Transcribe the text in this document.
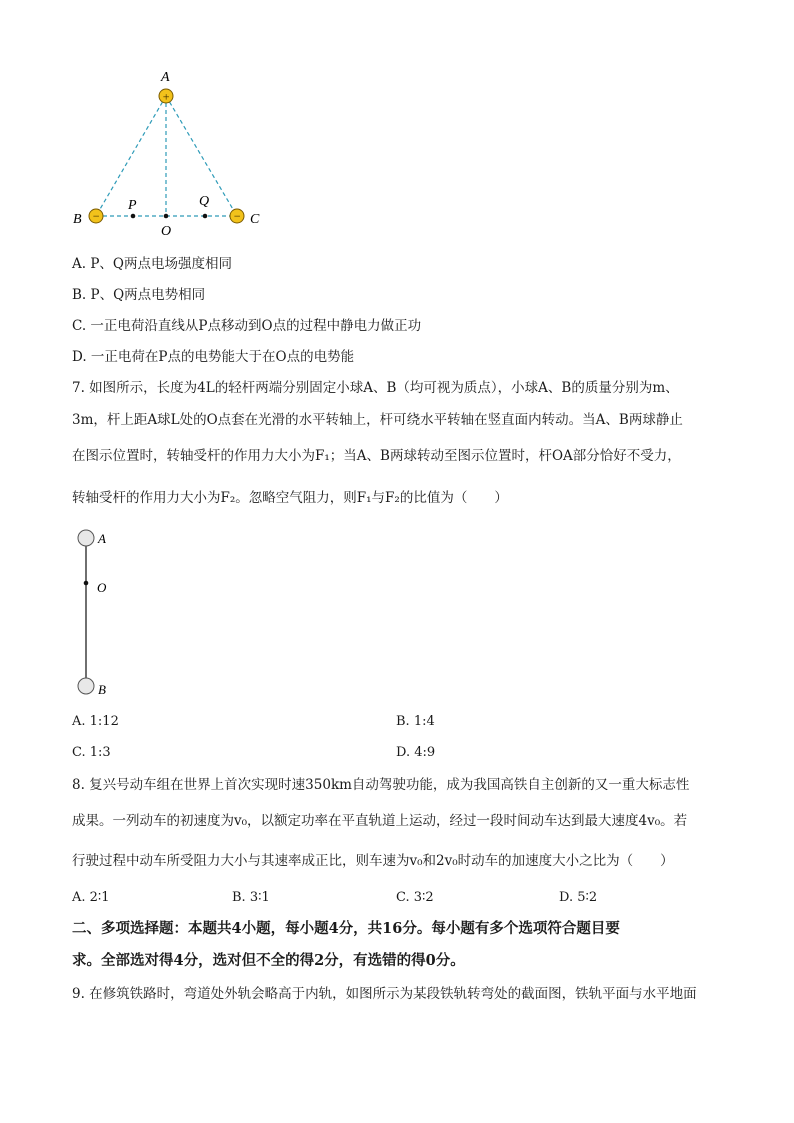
+
−	−
A
B	C
P	Q
O
A. P、Q两点电场强度相同
B. P、Q两点电势相同
C. 一正电荷沿直线从P点移动到O点的过程中静电力做正功
D. 一正电荷在P点的电势能大于在O点的电势能
7. 如图所示，长度为4L的轻杆两端分别固定小球A、B（均可视为质点），小球A、B的质量分别为m、
3m，杆上距A球L处的O点套在光滑的水平转轴上，杆可绕水平转轴在竖直面内转动。当A、B两球静止
在图示位置时，转轴受杆的作用力大小为F₁；当A、B两球转动至图示位置时，杆OA部分恰好不受力，
转轴受杆的作用力大小为F₂。忽略空气阻力，则F₁与F₂的比值为（　　）
A
O
B
A. 1:12	B. 1:4
C. 1:3	D. 4:9
8. 复兴号动车组在世界上首次实现时速350km自动驾驶功能，成为我国高铁自主创新的又一重大标志性
成果。一列动车的初速度为v₀，以额定功率在平直轨道上运动，经过一段时间动车达到最大速度4v₀。若
行驶过程中动车所受阻力大小与其速率成正比，则车速为v₀和2v₀时动车的加速度大小之比为（　　）
A. 2∶1	B. 3∶1	C. 3∶2	D. 5∶2
二、多项选择题：本题共4小题，每小题4分，共16分。每小题有多个选项符合题目要
求。全部选对得4分，选对但不全的得2分，有选错的得0分。
9. 在修筑铁路时，弯道处外轨会略高于内轨，如图所示为某段铁轨转弯处的截面图，铁轨平面与水平地面
